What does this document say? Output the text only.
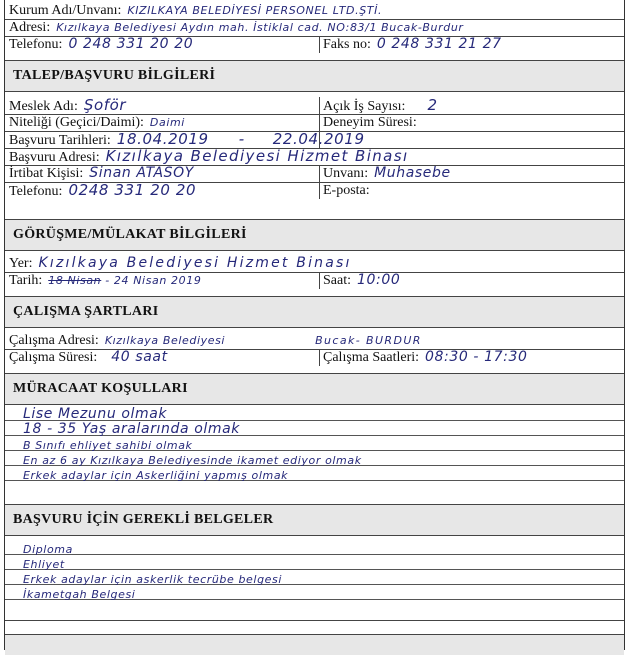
Kurum Adı/Unvanı: KIZILKAYA BELEDİYESİ PERSONEL LTD.ŞTİ.
Adresi: Kızılkaya Belediyesi Aydın mah. İstiklal cad. NO:83/1 Bucak-Burdur
Telefonu: 0 248 331 20 20	Faks no: 0 248 331 21 27
TALEP/BAŞVURU BİLGİLERİ
Meslek Adı: Şoför	Açık İş Sayısı: 2
Niteliği (Geçici/Daimi): Daimi	Deneyim Süresi:
Başvuru Tarihleri: 18.04.2019 - 22.04.2019
Başvuru Adresi: Kızılkaya Belediyesi Hizmet Binası
İrtibat Kişisi: Sinan ATASOY	Unvanı: Muhasebe
Telefonu: 0248 331 20 20	E-posta:
GÖRÜŞME/MÜLAKAT BİLGİLERİ
Yer: Kızılkaya Belediyesi Hizmet Binası
Tarih: 18 Nisan - 24 Nisan 2019	Saat: 10:00
ÇALIŞMA ŞARTLARI
Çalışma Adresi: Kızılkaya Belediyesi	Bucak- BURDUR
Çalışma Süresi: 40 saat	Çalışma Saatleri: 08:30 - 17:30
MÜRACAAT KOŞULLARI
Lise Mezunu olmak
18 - 35 Yaş aralarında olmak
B Sınıfı ehliyet sahibi olmak
En az 6 ay Kızılkaya Belediyesinde ikamet ediyor olmak
Erkek adaylar için Askerliğini yapmış olmak
BAŞVURU İÇİN GEREKLİ BELGELER
Diploma
Ehliyet
Erkek adaylar için askerlik tecrübe belgesi
İkametgah Belgesi
